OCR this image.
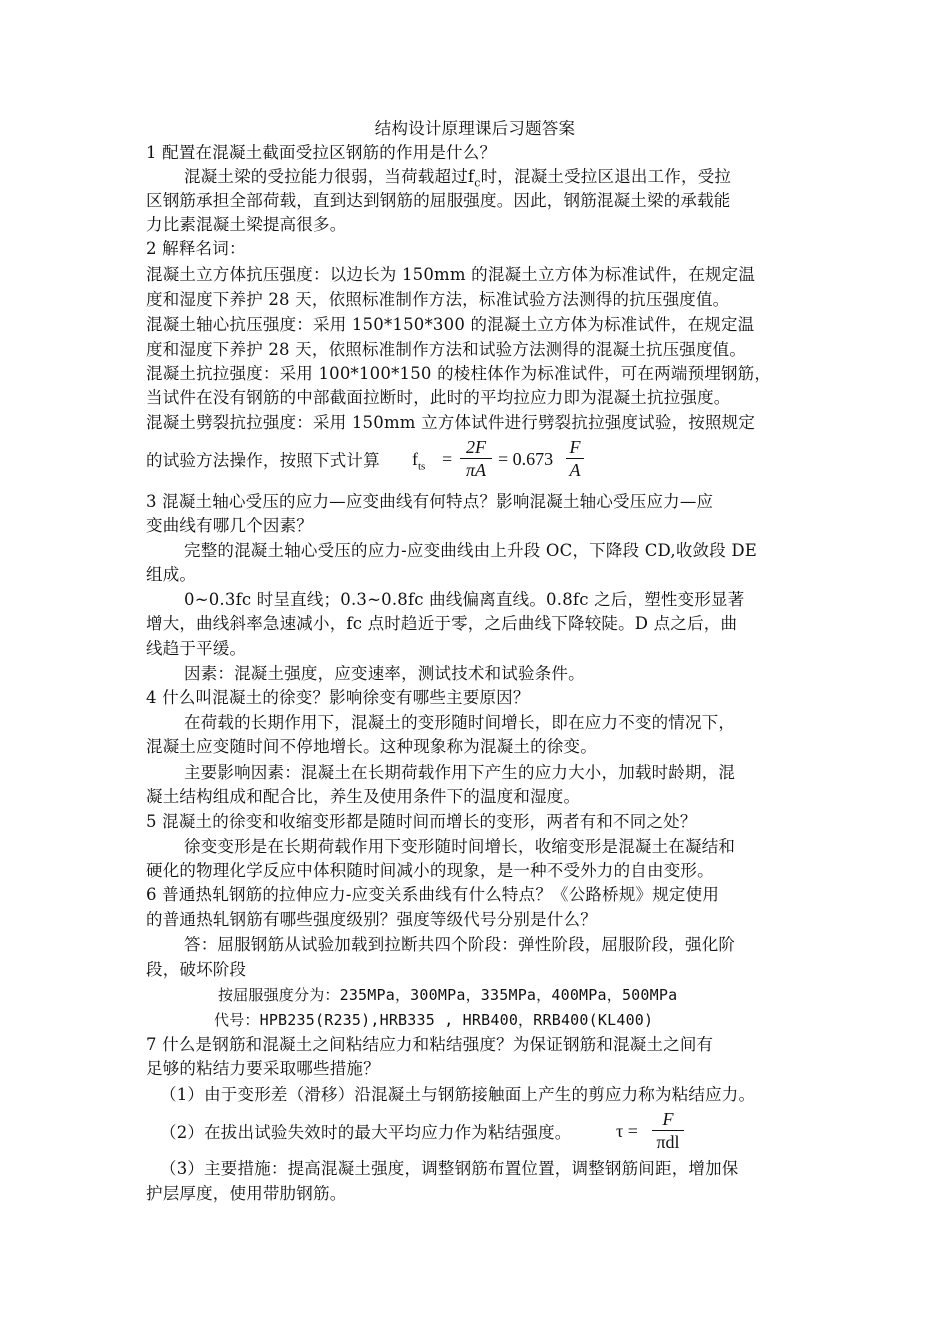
结构设计原理课后习题答案
1 配置在混凝土截面受拉区钢筋的作用是什么？
混凝土梁的受拉能力很弱，当荷载超过$f_c$时，混凝土受拉区退出工作，受拉
区钢筋承担全部荷载，直到达到钢筋的屈服强度。因此，钢筋混凝土梁的承载能
力比素混凝土梁提高很多。
2 解释名词：
混凝土立方体抗压强度：以边长为 150mm 的混凝土立方体为标准试件，在规定温
度和湿度下养护 28 天，依照标准制作方法，标准试验方法测得的抗压强度值。
混凝土轴心抗压强度：采用 150*150*300 的混凝土立方体为标准试件，在规定温
度和湿度下养护 28 天，依照标准制作方法和试验方法测得的混凝土抗压强度值。
混凝土抗拉强度：采用 100*100*150 的棱柱体作为标准试件，可在两端预埋钢筋，
当试件在没有钢筋的中部截面拉断时，此时的平均拉应力即为混凝土抗拉强度。
混凝土劈裂抗拉强度：采用 150mm 立方体试件进行劈裂抗拉强度试验，按照规定
的试验方法操作，按照下式计算	$f_{ts}$ =
2F
πA
= 0.673
F
A
3 混凝土轴心受压的应力—应变曲线有何特点？影响混凝土轴心受压应力—应
变曲线有哪几个因素？
完整的混凝土轴心受压的应力-应变曲线由上升段 OC，下降段 CD,收敛段 DE
组成。
0~0.3fc 时呈直线；0.3~0.8fc 曲线偏离直线。0.8fc 之后，塑性变形显著
增大，曲线斜率急速减小，fc 点时趋近于零，之后曲线下降较陡。D 点之后，曲
线趋于平缓。
因素：混凝土强度，应变速率，测试技术和试验条件。
4 什么叫混凝土的徐变？影响徐变有哪些主要原因？
在荷载的长期作用下，混凝土的变形随时间增长，即在应力不变的情况下，
混凝土应变随时间不停地增长。这种现象称为混凝土的徐变。
主要影响因素：混凝土在长期荷载作用下产生的应力大小，加载时龄期，混
凝土结构组成和配合比，养生及使用条件下的温度和湿度。
5 混凝土的徐变和收缩变形都是随时间而增长的变形，两者有和不同之处？
徐变变形是在长期荷载作用下变形随时间增长，收缩变形是混凝土在凝结和
硬化的物理化学反应中体积随时间减小的现象，是一种不受外力的自由变形。
6 普通热轧钢筋的拉伸应力-应变关系曲线有什么特点？《公路桥规》规定使用
的普通热轧钢筋有哪些强度级别？强度等级代号分别是什么？
答：屈服钢筋从试验加载到拉断共四个阶段：弹性阶段，屈服阶段，强化阶
段，破坏阶段
按屈服强度分为：235MPa，300MPa，335MPa，400MPa，500MPa
代号：HPB235(R235),HRB335 , HRB400，RRB400(KL400)
7 什么是钢筋和混凝土之间粘结应力和粘结强度？为保证钢筋和混凝土之间有
足够的粘结力要采取哪些措施？
（1）由于变形差（滑移）沿混凝土与钢筋接触面上产生的剪应力称为粘结应力。
（2）在拔出试验失效时的最大平均应力作为粘结强度。	τ =
F
πdl
（3）主要措施：提高混凝土强度，调整钢筋布置位置，调整钢筋间距，增加保
护层厚度，使用带肋钢筋。
